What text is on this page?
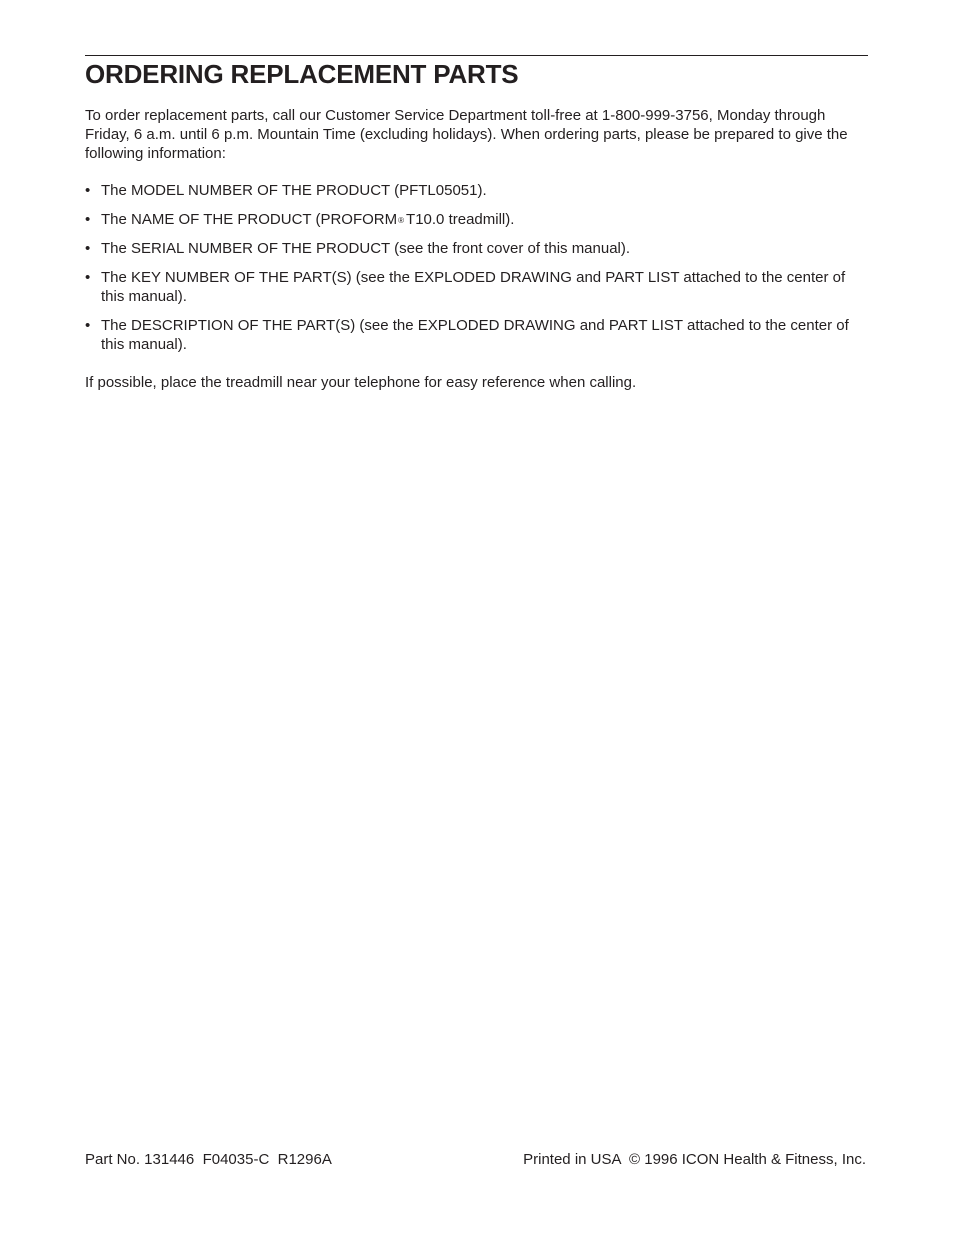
ORDERING REPLACEMENT PARTS

To order replacement parts, call our Customer Service Department toll-free at 1-800-999-3756, Monday through Friday, 6 a.m. until 6 p.m. Mountain Time (excluding holidays). When ordering parts, please be prepared to give the following information:

• The MODEL NUMBER OF THE PRODUCT (PFTL05051).
• The NAME OF THE PRODUCT (PROFORM® T10.0 treadmill).
• The SERIAL NUMBER OF THE PRODUCT (see the front cover of this manual).
• The KEY NUMBER OF THE PART(S) (see the EXPLODED DRAWING and PART LIST attached to the center of this manual).
• The DESCRIPTION OF THE PART(S) (see the EXPLODED DRAWING and PART LIST attached to the center of this manual).

If possible, place the treadmill near your telephone for easy reference when calling.

Part No. 131446  F04035-C  R1296A	Printed in USA  © 1996 ICON Health & Fitness, Inc.
